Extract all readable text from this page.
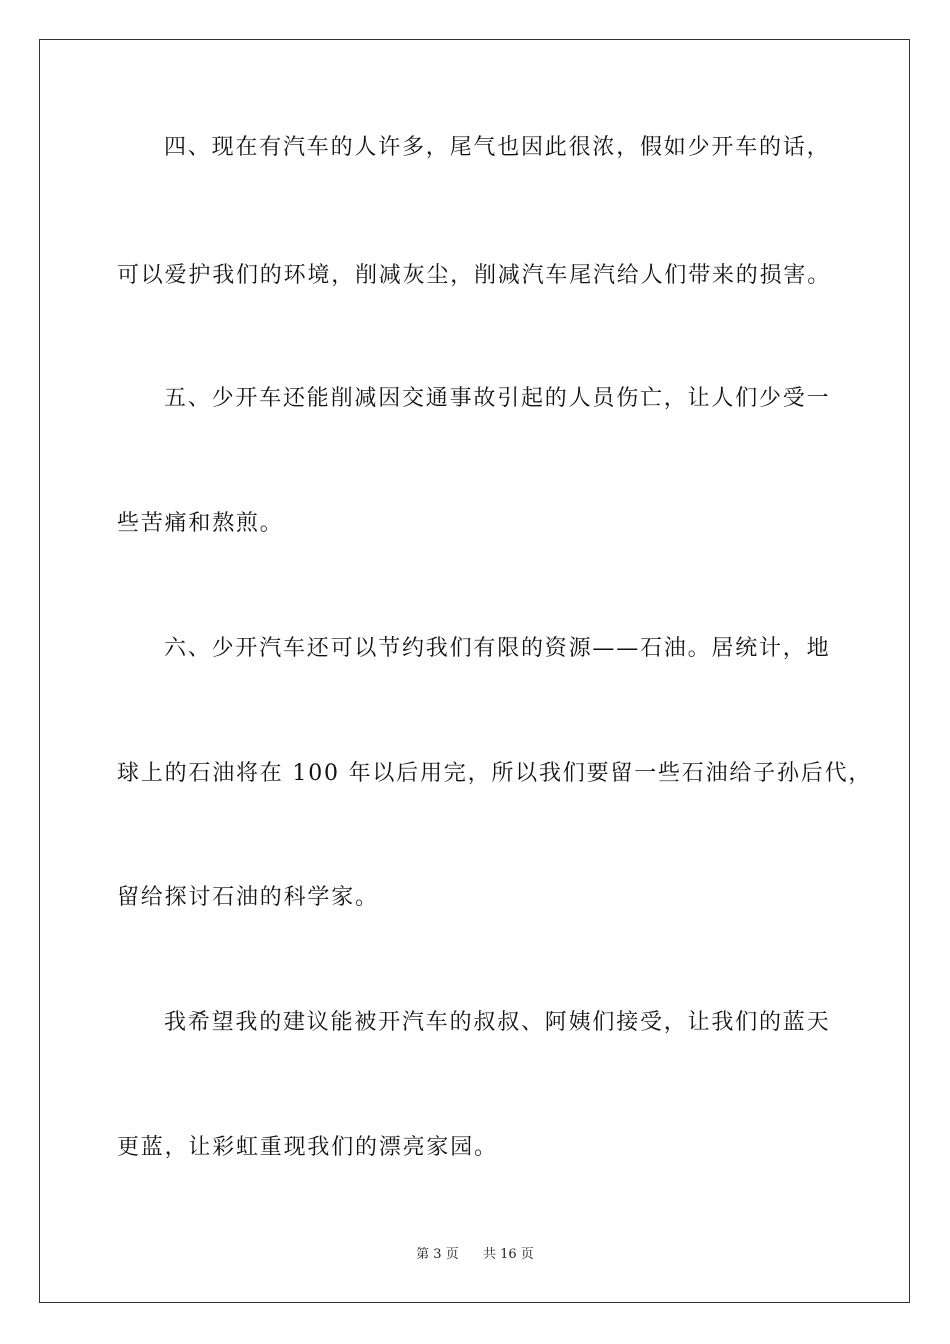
四、现在有汽车的人许多，尾气也因此很浓，假如少开车的话，
可以爱护我们的环境，削减灰尘，削减汽车尾汽给人们带来的损害。
五、少开车还能削减因交通事故引起的人员伤亡，让人们少受一
些苦痛和熬煎。
六、少开汽车还可以节约我们有限的资源——石油。居统计，地
球上的石油将在 100 年以后用完，所以我们要留一些石油给子孙后代，
留给探讨石油的科学家。
我希望我的建议能被开汽车的叔叔、阿姨们接受，让我们的蓝天
更蓝，让彩虹重现我们的漂亮家园。
第 3 页 共 16 页
